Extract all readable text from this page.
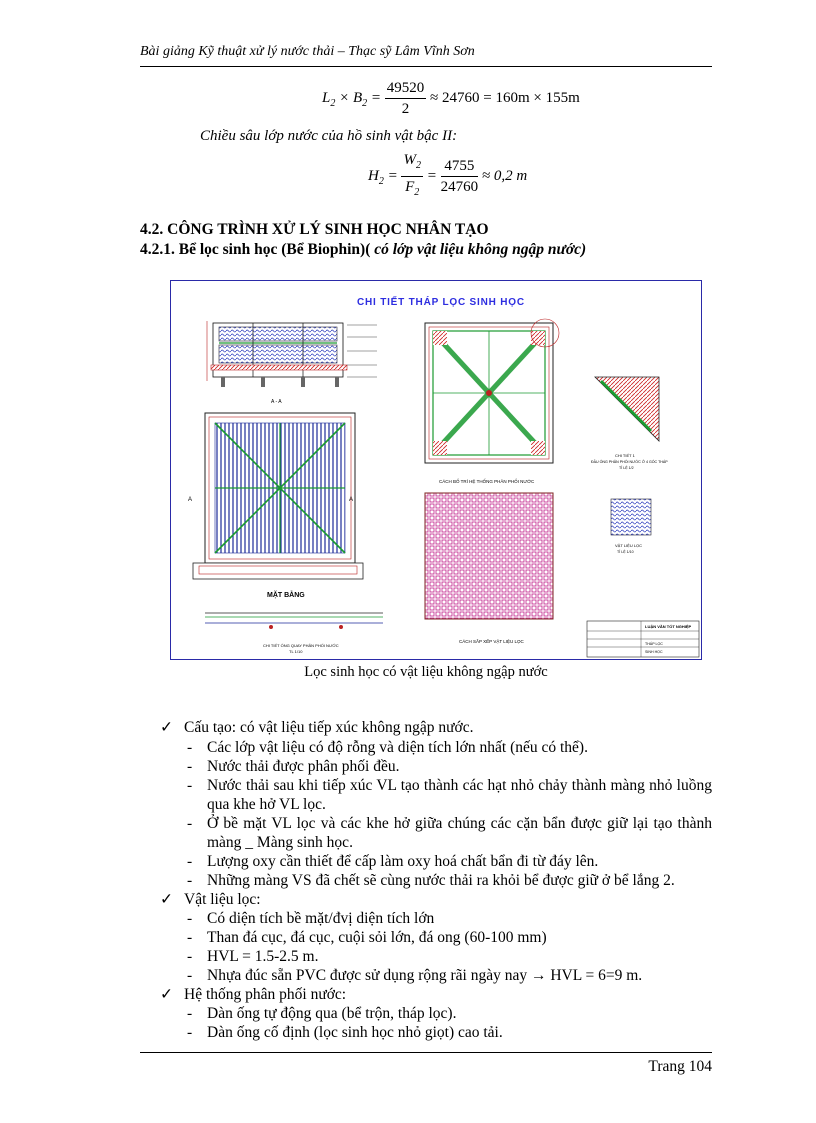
Bài giảng Kỹ thuật xử lý nước thải – Thạc sỹ Lâm Vĩnh Sơn
$L_2 \times B_2 = \frac{49520}{2} \approx 24760 = 160m \times 155m$
Chiều sâu lớp nước của hồ sinh vật bậc II:
$H_2 = \frac{W_2}{F_2} = \frac{4755}{24760} \approx 0,2$ m
4.2. CÔNG TRÌNH XỬ LÝ SINH HỌC NHÂN TẠO
4.2.1. Bể lọc sinh học (Bể Biophin)( có lớp vật liệu không ngập nước)
CHI TIẾT THÁP LỌC SINH HỌC
A - A
A	A
MẶT BẰNG
CHI TIẾT ỐNG QUAY PHÂN PHỐI NƯỚC
TL 1/10
CÁCH BỐ TRÍ HỆ THỐNG PHÂN PHỐI NƯỚC
CÁCH SẮP XẾP VẬT LIỆU LỌC
CHI TIẾT 1
ĐẦU ỐNG PHÂN PHỐI NƯỚC Ở 4 GÓC THÁP
TỈ LỆ 1/2
VẬT LIỆU LỌC
TỈ LỆ 1/10
LUẬN VĂN TỐT NGHIỆP
THÁP LỌC
SINH HỌC
Lọc sinh học có vật liệu không ngập nước
✓ Cấu tạo: có vật liệu tiếp xúc không ngập nước.
- Các lớp vật liệu có độ rỗng và diện tích lớn nhất (nếu có thể).
- Nước thải được phân phối đều.
- Nước thải sau khi tiếp xúc VL tạo thành các hạt nhỏ chảy thành màng nhỏ luồng qua khe hở VL lọc.
- Ở bề mặt VL lọc và các khe hở giữa chúng các cặn bẩn được giữ lại tạo thành màng _ Màng sinh học.
- Lượng oxy cần thiết để cấp làm oxy hoá chất bẩn đi từ đáy lên.
- Những màng VS đã chết sẽ cùng nước thải ra khỏi bể được giữ ở bể lắng 2.
✓ Vật liệu lọc:
- Có diện tích bề mặt/đvị diện tích lớn
- Than đá cục, đá cục, cuội sỏi lớn, đá ong (60-100 mm)
- HVL = 1.5-2.5 m.
- Nhựa đúc sẵn PVC được sử dụng rộng rãi ngày nay → HVL = 6=9 m.
✓ Hệ thống phân phối nước:
- Dàn ống tự động qua (bể trộn, tháp lọc).
- Dàn ống cố định (lọc sinh học nhỏ giọt) cao tải.
Trang 104
